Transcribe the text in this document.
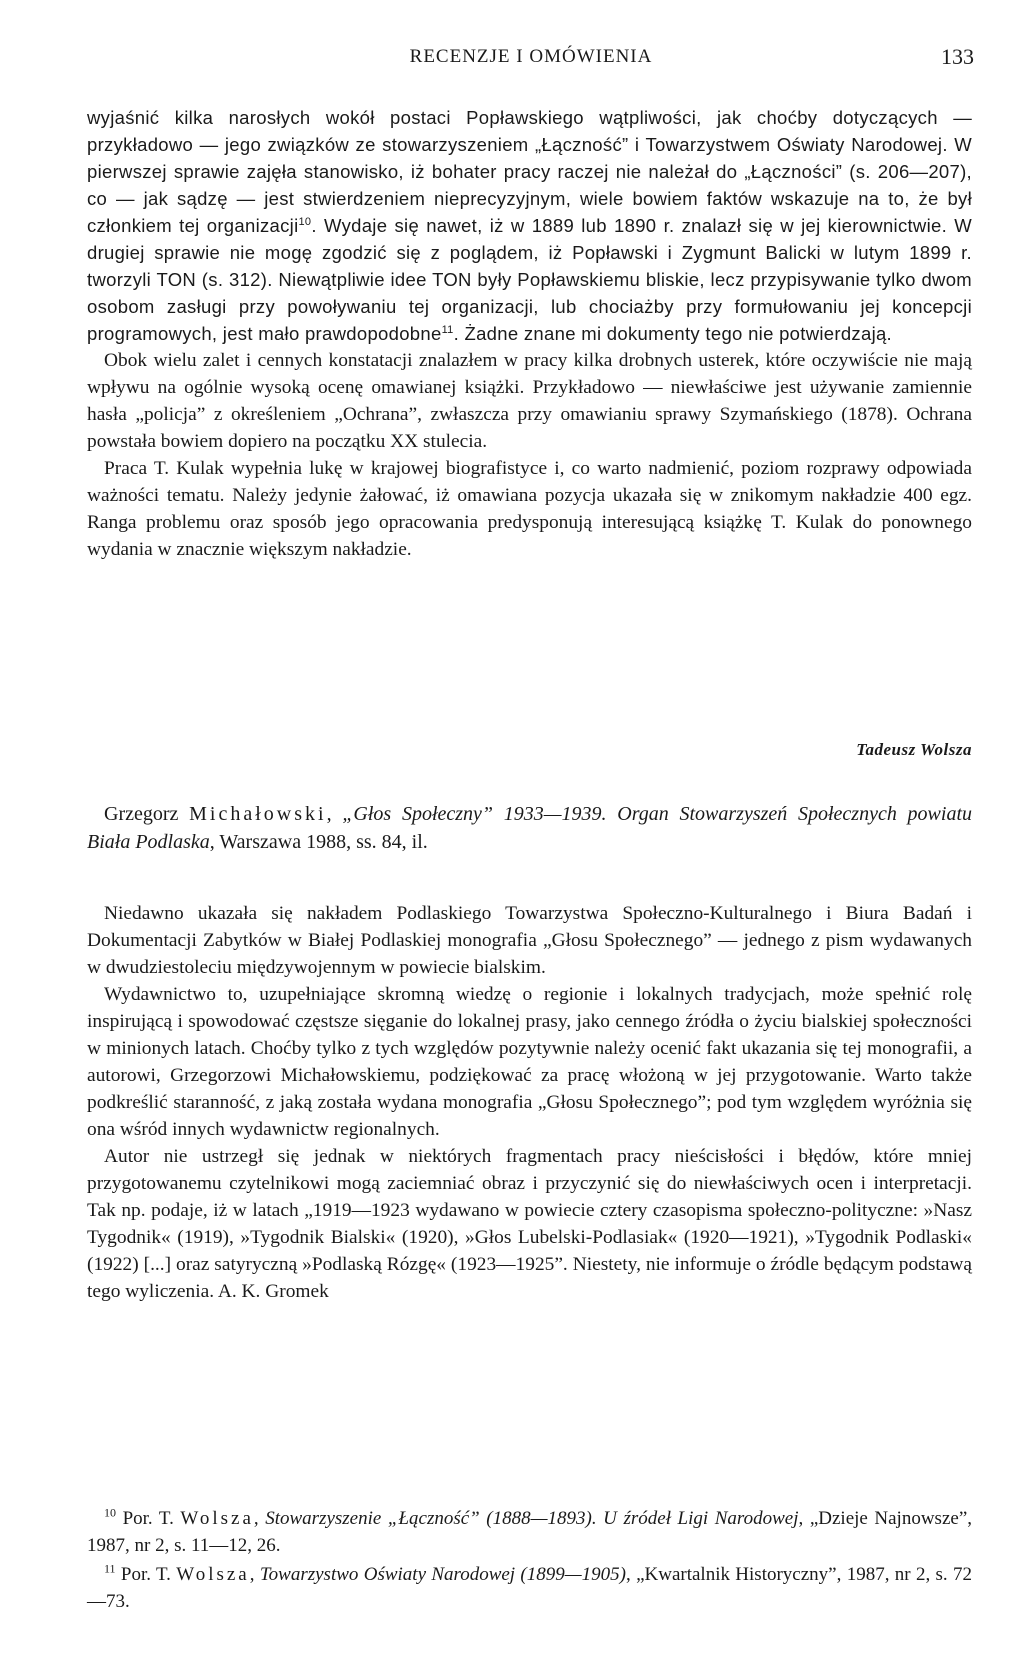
RECENZJE I OMÓWIENIA	133

wyjaśnić kilka narosłych wokół postaci Popławskiego wątpliwości, jak choćby dotyczących — przykładowo — jego związków ze stowarzyszeniem „Łączność” i Towarzystwem Oświaty Narodowej. W pierwszej sprawie zajęła stanowisko, iż bohater pracy raczej nie należał do „Łączności” (s. 206—207), co — jak sądzę — jest stwierdzeniem nieprecyzyjnym, wiele bowiem faktów wskazuje na to, że był członkiem tej organizacji$^{10}$. Wydaje się nawet, iż w 1889 lub 1890 r. znalazł się w jej kierownictwie. W drugiej sprawie nie mogę zgodzić się z poglądem, iż Popławski i Zygmunt Balicki w lutym 1899 r. tworzyli TON (s. 312). Niewątpliwie idee TON były Popławskiemu bliskie, lecz przypisywanie tylko dwom osobom zasługi przy powoływaniu tej organizacji, lub chociażby przy formułowaniu jej koncepcji programowych, jest mało prawdopodobne$^{11}$. Żadne znane mi dokumenty tego nie potwierdzają.

Obok wielu zalet i cennych konstatacji znalazłem w pracy kilka drobnych usterek, które oczywiście nie mają wpływu na ogólnie wysoką ocenę omawianej książki. Przykładowo — niewłaściwe jest używanie zamiennie hasła „policja” z określeniem „Ochrana”, zwłaszcza przy omawianiu sprawy Szymańskiego (1878). Ochrana powstała bowiem dopiero na początku XX stulecia.

Praca T. Kulak wypełnia lukę w krajowej biografistyce i, co warto nadmienić, poziom rozprawy odpowiada ważności tematu. Należy jedynie żałować, iż omawiana pozycja ukazała się w znikomym nakładzie 400 egz. Ranga problemu oraz sposób jego opracowania predysponują interesującą książkę T. Kulak do ponownego wydania w znacznie większym nakładzie.

Tadeusz Wolsza
Grzegorz Michałowski, „Głos Społeczny” 1933—1939. Organ Stowarzyszeń Społecznych powiatu Biała Podlaska, Warszawa 1988, ss. 84, il.

Niedawno ukazała się nakładem Podlaskiego Towarzystwa Społeczno-Kulturalnego i Biura Badań i Dokumentacji Zabytków w Białej Podlaskiej monografia „Głosu Społecznego” — jednego z pism wydawanych w dwudziestoleciu międzywojennym w powiecie bialskim.

Wydawnictwo to, uzupełniające skromną wiedzę o regionie i lokalnych tradycjach, może spełnić rolę inspirującą i spowodować częstsze sięganie do lokalnej prasy, jako cennego źródła o życiu bialskiej społeczności w minionych latach. Choćby tylko z tych względów pozytywnie należy ocenić fakt ukazania się tej monografii, a autorowi, Grzegorzowi Michałowskiemu, podziękować za pracę włożoną w jej przygotowanie. Warto także podkreślić staranność, z jaką została wydana monografia „Głosu Społecznego”; pod tym względem wyróżnia się ona wśród innych wydawnictw regionalnych.

Autor nie ustrzegł się jednak w niektórych fragmentach pracy nieścisłości i błędów, które mniej przygotowanemu czytelnikowi mogą zaciemniać obraz i przyczynić się do niewłaściwych ocen i interpretacji. Tak np. podaje, iż w latach „1919—1923 wydawano w powiecie cztery czasopisma społeczno-polityczne: »Nasz Tygodnik« (1919), »Tygodnik Bialski« (1920), »Głos Lubelski-Podlasiak« (1920—1921), »Tygodnik Podlaski« (1922) [...] oraz satyryczną »Podlaską Rózgę« (1923—1925”. Niestety, nie informuje o źródle będącym podstawą tego wyliczenia. A. K. Gromek

$^{10}$ Por. T. Wolsza, Stowarzyszenie „Łączność” (1888—1893). U źródeł Ligi Narodowej, „Dzieje Najnowsze”, 1987, nr 2, s. 11—12, 26.

$^{11}$ Por. T. Wolsza, Towarzystwo Oświaty Narodowej (1899—1905), „Kwartalnik Historyczny”, 1987, nr 2, s. 72—73.
